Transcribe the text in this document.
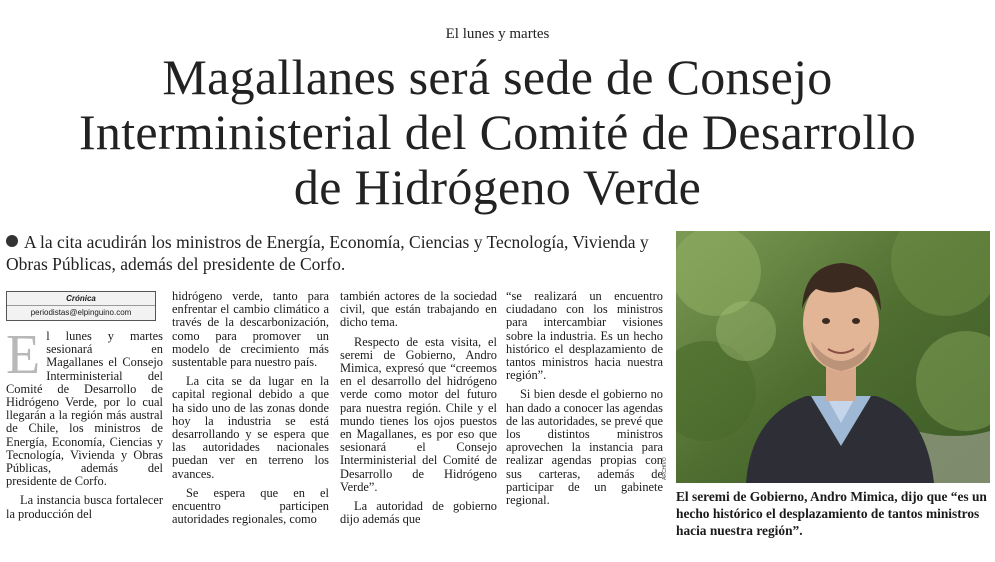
El lunes y martes
Magallanes será sede de Consejo
Interministerial del Comité de Desarrollo
de Hidrógeno Verde
A la cita acudirán los ministros de Energía, Economía, Ciencias y Tecnología, Vivienda y Obras Públicas, además del presidente de Corfo.
Crónica
periodistas@elpinguino.com

El lunes y martes sesionará en Magallanes el Consejo Interministerial del Comité de Desarrollo de Hidrógeno Verde, por lo cual llegarán a la región más austral de Chile, los ministros de Energía, Economía, Ciencias y Tecnología, Vivienda y Obras Públicas, además del presidente de Corfo.

La instancia busca fortalecer la producción del

hidrógeno verde, tanto para enfrentar el cambio climático a través de la descarbonización, como para promover un modelo de crecimiento más sustentable para nuestro país.

La cita se da lugar en la capital regional debido a que ha sido uno de las zonas donde hoy la industria se está desarrollando y se espera que las autoridades nacionales puedan ver en terreno los avances.

Se espera que en el encuentro participen autoridades regionales, como

también actores de la sociedad civil, que están trabajando en dicho tema.

Respecto de esta visita, el seremi de Gobierno, Andro Mimica, expresó que “creemos en el desarrollo del hidrógeno verde como motor del futuro para nuestra región. Chile y el mundo tienes los ojos puestos en Magallanes, es por eso que sesionará el Consejo Interministerial del Comité de Desarrollo de Hidrógeno Verde”.

La autoridad de gobierno dijo además que

“se realizará un encuentro ciudadano con los ministros para intercambiar visiones sobre la industria. Es un hecho histórico el desplazamiento de tantos ministros hacia nuestra región”.

Si bien desde el gobierno no han dado a conocer las agendas de las autoridades, se prevé que los distintos ministros aprovechen la instancia para realizar agendas propias con sus carteras, además de participar de un gabinete regional.

ARCHIVO
El seremi de Gobierno, Andro Mimica, dijo que “es un hecho histórico el desplazamiento de tantos ministros hacia nuestra región”.
